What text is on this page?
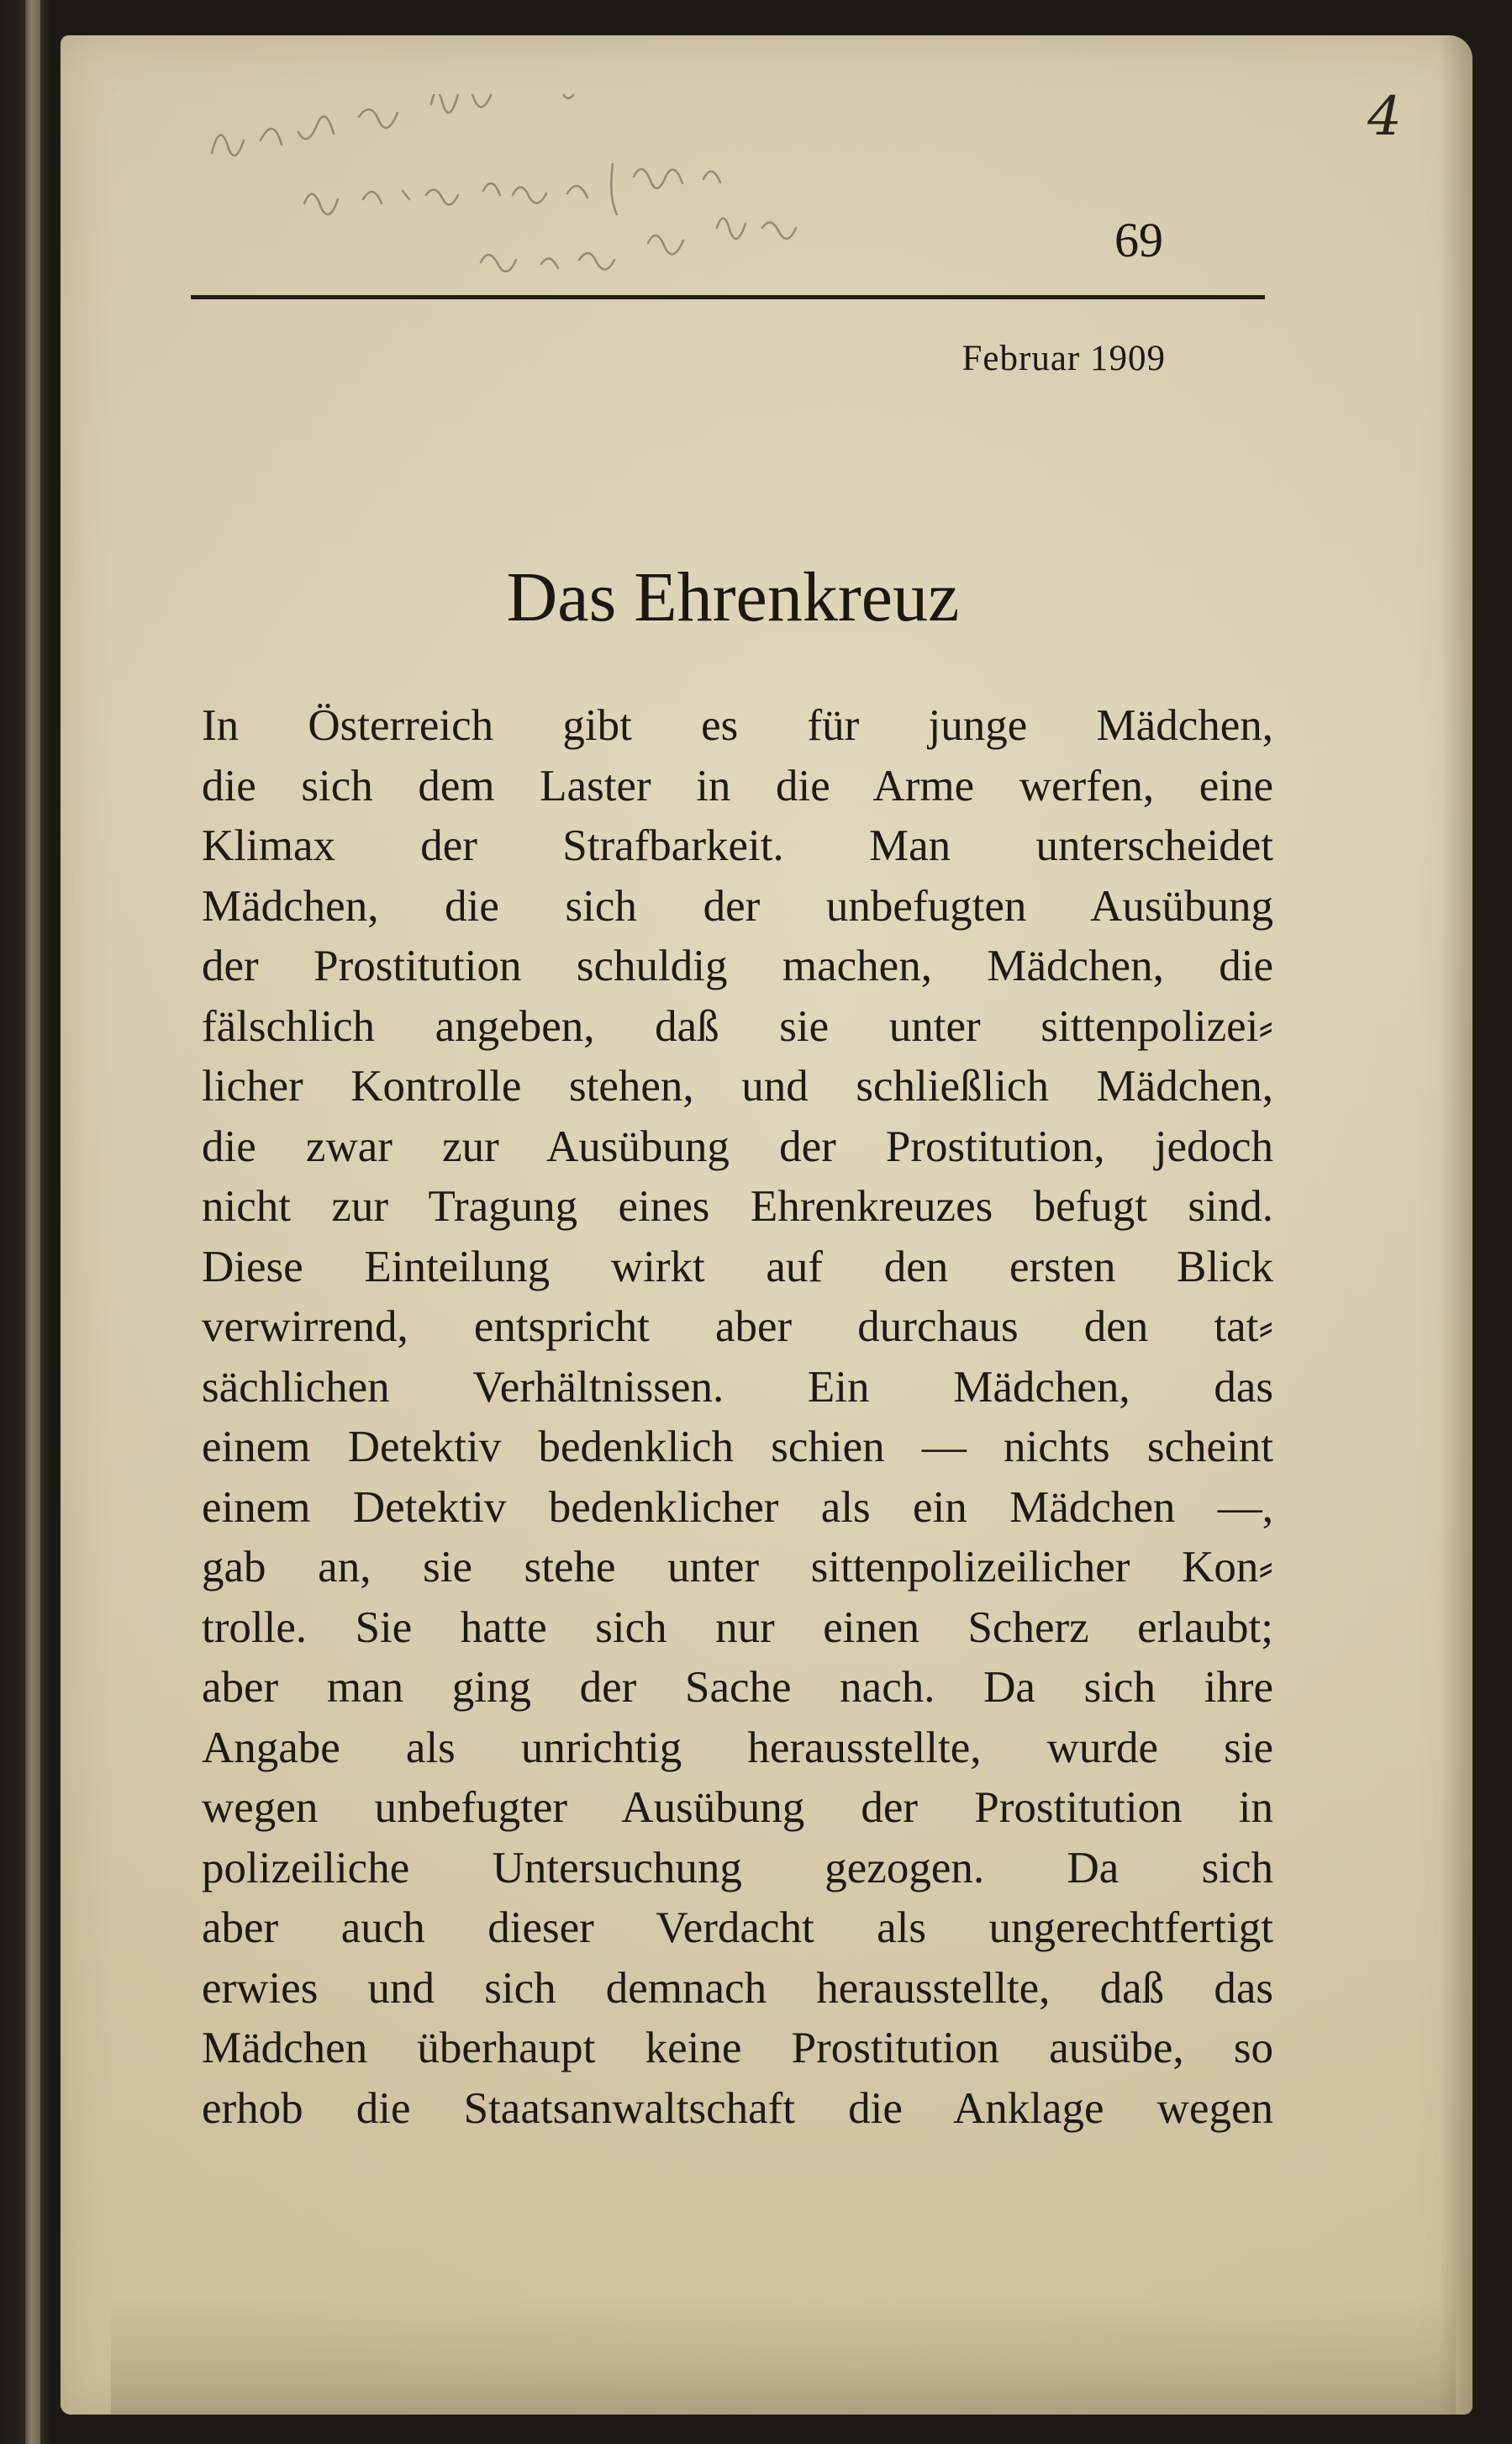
4
69
Februar 1909
Das Ehrenkreuz
In Österreich gibt es für junge Mädchen,
die sich dem Laster in die Arme werfen, eine
Klimax der Strafbarkeit. Man unterscheidet
Mädchen, die sich der unbefugten Ausübung
der Prostitution schuldig machen, Mädchen, die
fälschlich angeben, daß sie unter sittenpolizei⸗
licher Kontrolle stehen, und schließlich Mädchen,
die zwar zur Ausübung der Prostitution, jedoch
nicht zur Tragung eines Ehrenkreuzes befugt sind.
Diese Einteilung wirkt auf den ersten Blick
verwirrend, entspricht aber durchaus den tat⸗
sächlichen Verhältnissen. Ein Mädchen, das
einem Detektiv bedenklich schien — nichts scheint
einem Detektiv bedenklicher als ein Mädchen —,
gab an, sie stehe unter sittenpolizeilicher Kon⸗
trolle. Sie hatte sich nur einen Scherz erlaubt;
aber man ging der Sache nach. Da sich ihre
Angabe als unrichtig herausstellte, wurde sie
wegen unbefugter Ausübung der Prostitution in
polizeiliche Untersuchung gezogen. Da sich
aber auch dieser Verdacht als ungerechtfertigt
erwies und sich demnach herausstellte, daß das
Mädchen überhaupt keine Prostitution ausübe, so
erhob die Staatsanwaltschaft die Anklage wegen
